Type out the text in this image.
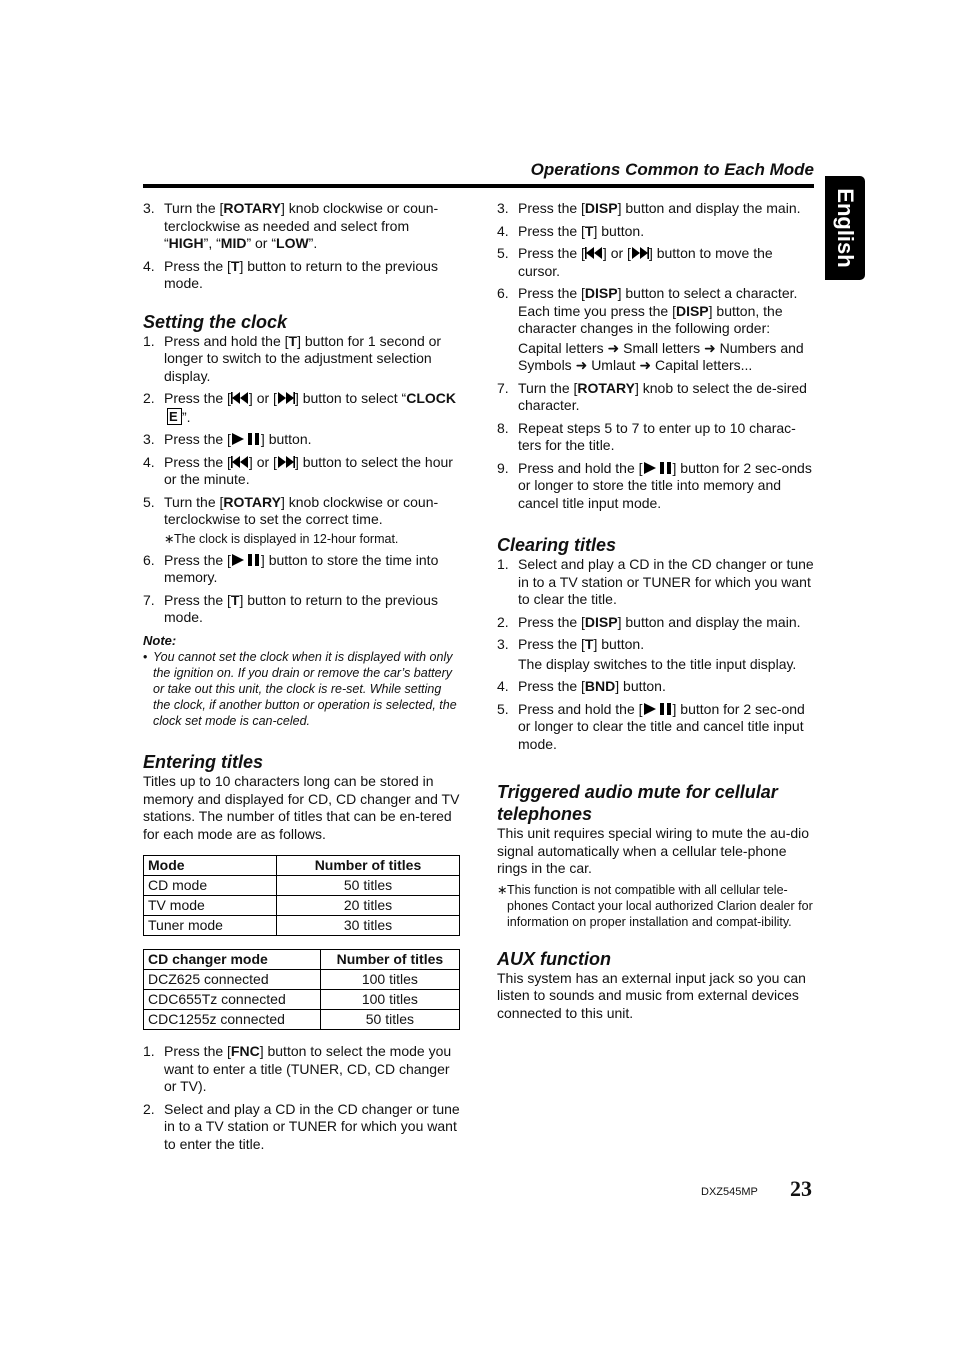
Operations Common to Each Mode
English
3. Turn the [ROTARY] knob clockwise or coun-terclockwise as needed and select from “HIGH”, “MID” or “LOW”.
4. Press the [T] button to return to the previous mode.
Setting the clock
1. Press and hold the [T] button for 1 second or longer to switch to the adjustment selection display.
2. Press the [ ] or [ ] button to select “CLOCK E”.
3. Press the [ ] button.
4. Press the [ ] or [ ] button to select the hour or the minute.
5. Turn the [ROTARY] knob clockwise or coun-terclockwise to set the correct time.
∗ The clock is displayed in 12-hour format.
6. Press the [ ] button to store the time into memory.
7. Press the [T] button to return to the previous mode.
Note:
• You cannot set the clock when it is displayed with only the ignition on. If you drain or remove the car’s battery or take out this unit, the clock is re-set. While setting the clock, if another button or operation is selected, the clock set mode is can-celed.
Entering titles

Titles up to 10 characters long can be stored in memory and displayed for CD, CD changer and TV stations. The number of titles that can be en-tered for each mode are as follows.

Mode	Number of titles
CD mode	50 titles
TV mode	20 titles
Tuner mode	30 titles
CD changer mode	Number of titles
DCZ625 connected	100 titles
CDC655Tz connected	100 titles
CDC1255z connected	50 titles
1. Press the [FNC] button to select the mode you want to enter a title (TUNER, CD, CD changer or TV).
2. Select and play a CD in the CD changer or tune in to a TV station or TUNER for which you want to enter the title.
3. Press the [DISP] button and display the main.
4. Press the [T] button.
5. Press the [ ] or [ ] button to move the cursor.
6. Press the [DISP] button to select a character. Each time you press the [DISP] button, the character changes in the following order:

Capital letters ➜ Small letters ➜ Numbers and Symbols ➜ Umlaut ➜ Capital letters...

7. Turn the [ROTARY] knob to select the de-sired character.
8. Repeat steps 5 to 7 to enter up to 10 charac-ters for the title.
9. Press and hold the [ ] button for 2 sec-onds or longer to store the title into memory and cancel title input mode.
Clearing titles
1. Select and play a CD in the CD changer or tune in to a TV station or TUNER for which you want to clear the title.
2. Press the [DISP] button and display the main.
3. Press the [T] button.

The display switches to the title input display.

4. Press the [BND] button.
5. Press and hold the [ ] button for 2 sec-ond or longer to clear the title and cancel title input mode.
Triggered audio mute for cellular telephones

This unit requires special wiring to mute the au-dio signal automatically when a cellular tele-phone rings in the car.

∗ This function is not compatible with all cellular tele-phones Contact your local authorized Clarion dealer for information on proper installation and compat-ibility.
AUX function

This system has an external input jack so you can listen to sounds and music from external devices connected to this unit.

DXZ545MP 23
